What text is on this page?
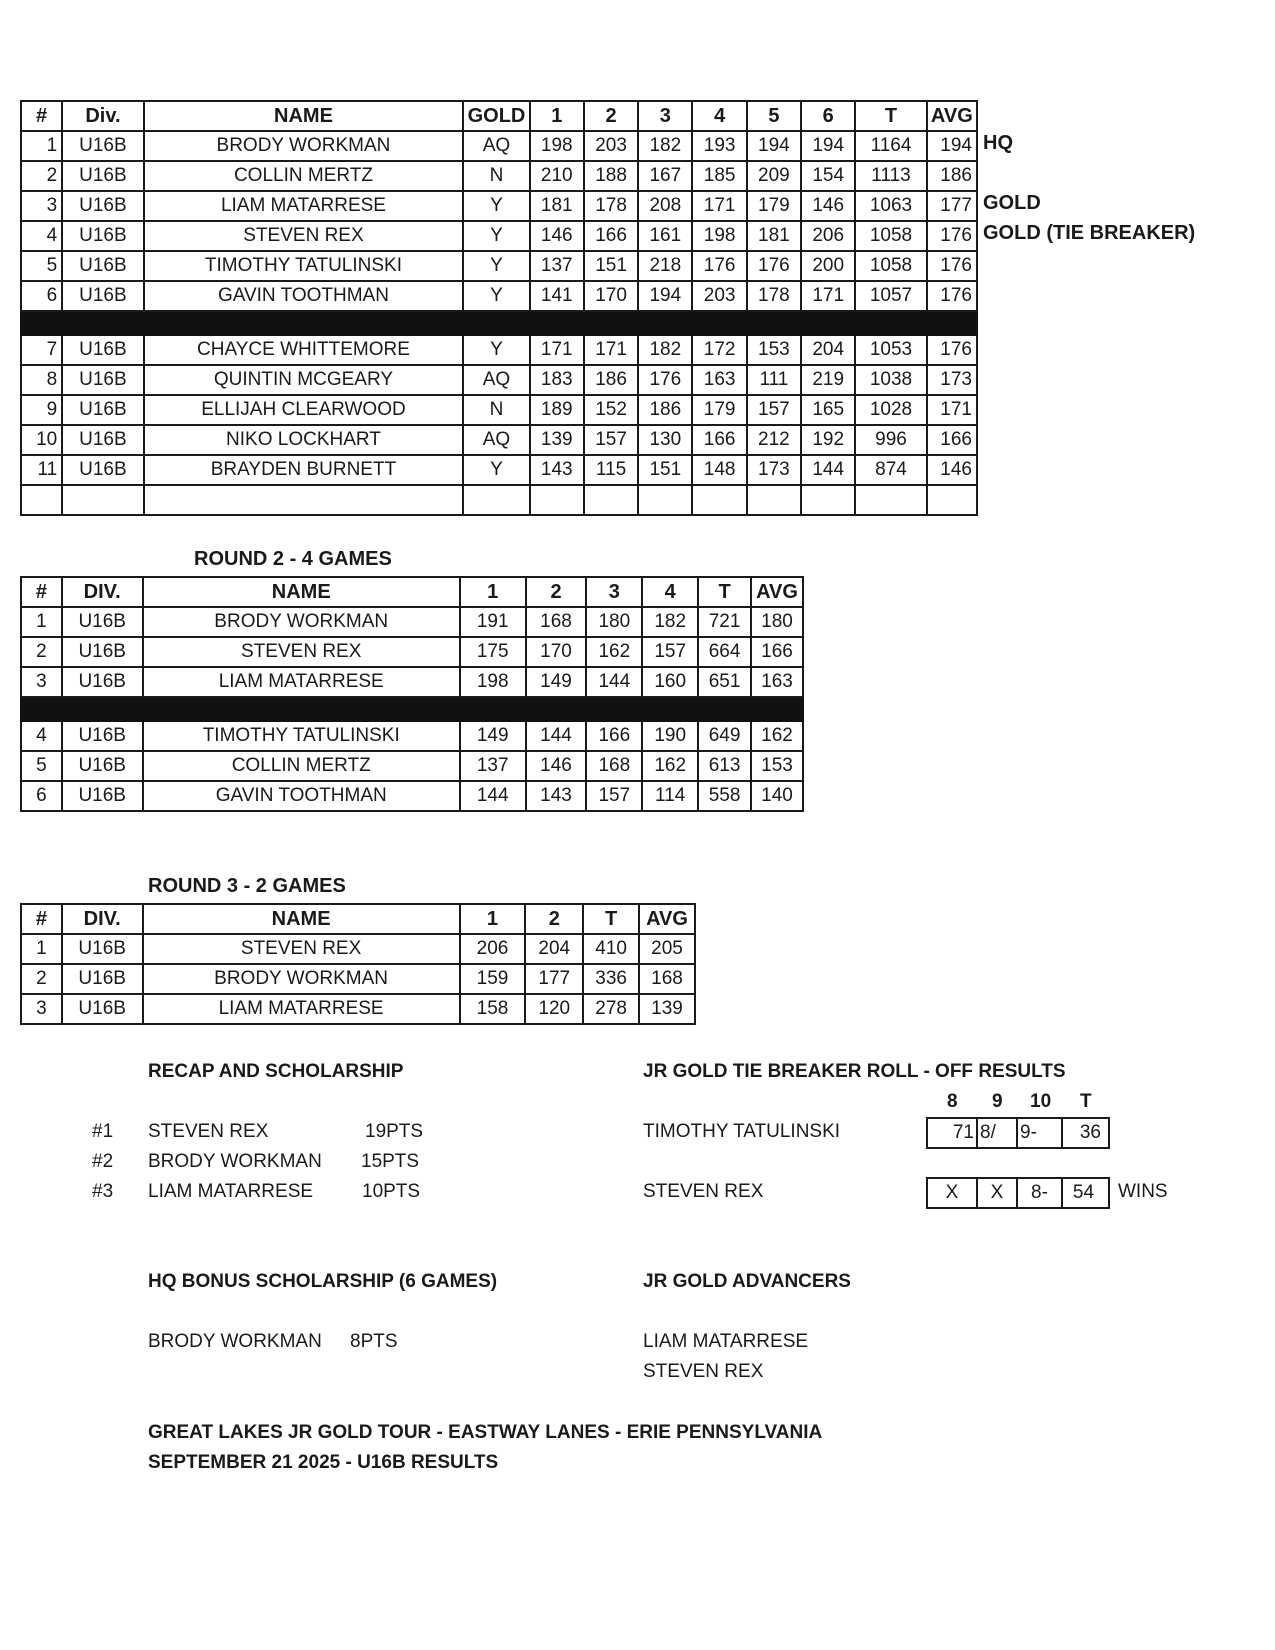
#	Div.	NAME	GOLD	1	2	3	4	5	6	T	AVG
1	U16B	BRODY WORKMAN	AQ	198	203	182	193	194	194	1164	194
2	U16B	COLLIN MERTZ	N	210	188	167	185	209	154	1113	186
3	U16B	LIAM MATARRESE	Y	181	178	208	171	179	146	1063	177
4	U16B	STEVEN REX	Y	146	166	161	198	181	206	1058	176
5	U16B	TIMOTHY TATULINSKI	Y	137	151	218	176	176	200	1058	176
6	U16B	GAVIN TOOTHMAN	Y	141	170	194	203	178	171	1057	176

7	U16B	CHAYCE WHITTEMORE	Y	171	171	182	172	153	204	1053	176
8	U16B	QUINTIN MCGEARY	AQ	183	186	176	163	111	219	1038	173
9	U16B	ELLIJAH CLEARWOOD	N	189	152	186	179	157	165	1028	171
10	U16B	NIKO LOCKHART	AQ	139	157	130	166	212	192	996	166
11	U16B	BRAYDEN BURNETT	Y	143	115	151	148	173	144	874	146

HQ
GOLD
GOLD (TIE BREAKER)
ROUND 2 - 4 GAMES
#	DIV.	NAME	1	2	3	4	T	AVG
1	U16B	BRODY WORKMAN	191	168	180	182	721	180
2	U16B	STEVEN REX	175	170	162	157	664	166
3	U16B	LIAM MATARRESE	198	149	144	160	651	163

4	U16B	TIMOTHY TATULINSKI	149	144	166	190	649	162
5	U16B	COLLIN MERTZ	137	146	168	162	613	153
6	U16B	GAVIN TOOTHMAN	144	143	157	114	558	140
ROUND 3 - 2 GAMES
#	DIV.	NAME	1	2	T	AVG
1	U16B	STEVEN REX	206	204	410	205
2	U16B	BRODY WORKMAN	159	177	336	168
3	U16B	LIAM MATARRESE	158	120	278	139
RECAP AND SCHOLARSHIP
#1 STEVEN REX	19PTS
#2 BRODY WORKMAN 15PTS
#3 LIAM MATARRESE	10PTS
JR GOLD TIE BREAKER ROLL - OFF RESULTS
8 9 10 T
TIMOTHY TATULINSKI	71 8/	9-	36
STEVEN REX	X	X	8-	54	WINS
HQ BONUS SCHOLARSHIP (6 GAMES)
BRODY WORKMAN 8PTS
JR GOLD ADVANCERS
LIAM MATARRESE
STEVEN REX
GREAT LAKES JR GOLD TOUR - EASTWAY LANES - ERIE PENNSYLVANIA
SEPTEMBER 21 2025 - U16B RESULTS
